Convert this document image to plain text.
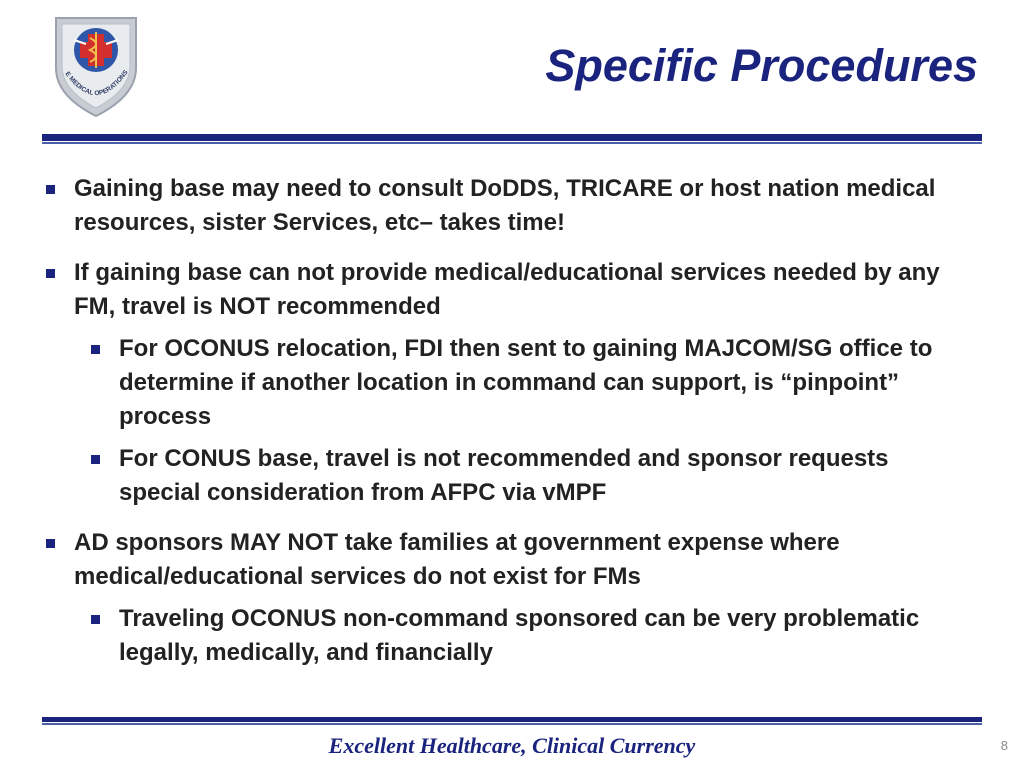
E MEDICAL OPERATIONS	Specific Procedures
Gaining base may need to consult DoDDS, TRICARE or host nation medical resources, sister Services, etc– takes time!
If gaining base can not provide medical/educational services needed by any FM, travel is NOT recommended
For OCONUS relocation, FDI then sent to gaining MAJCOM/SG office to determine if another location in command can support, is “pinpoint” process
For CONUS base, travel is not recommended and sponsor requests special consideration from AFPC via vMPF
AD sponsors MAY NOT take families at government expense where medical/educational services do not exist for FMs
Traveling OCONUS non-command sponsored can be very problematic legally, medically, and financially
Excellent Healthcare, Clinical Currency	8
